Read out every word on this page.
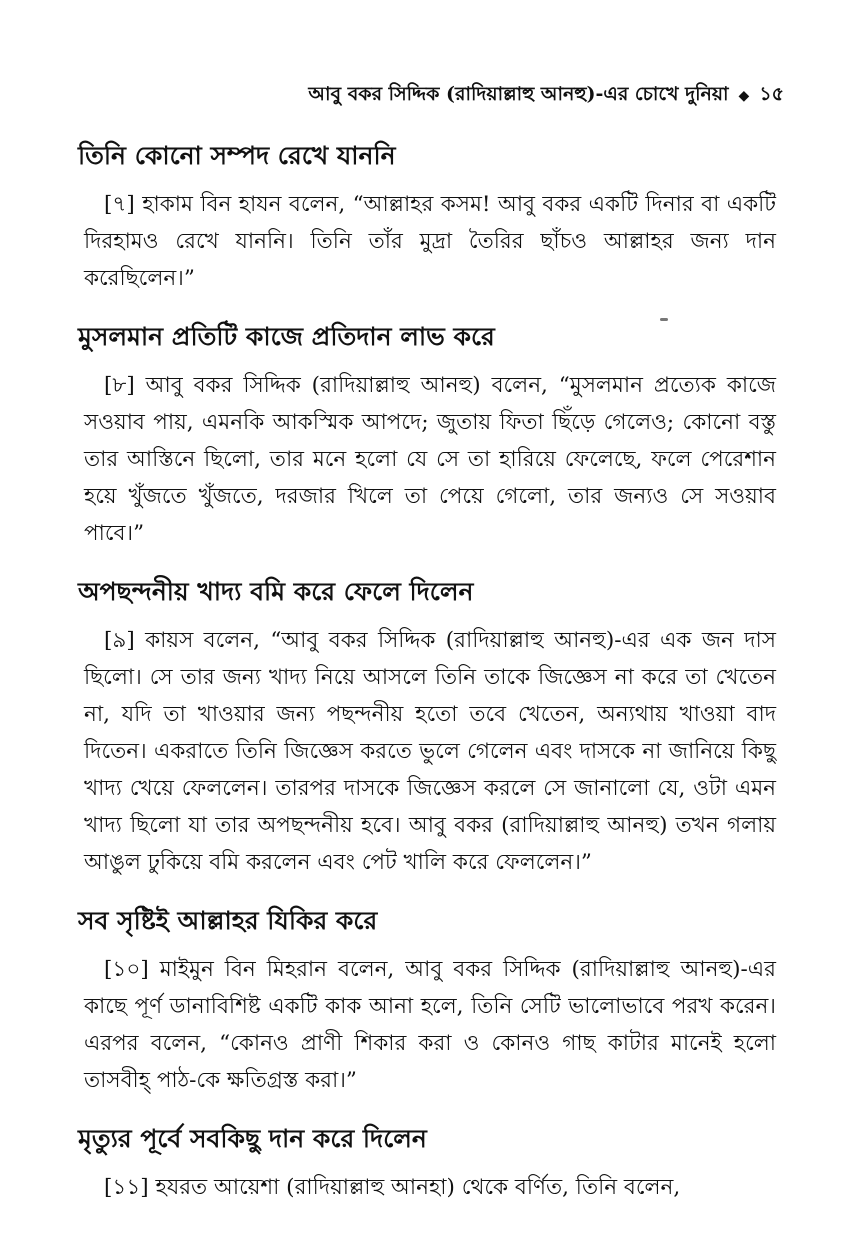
আবু বকর সিদ্দিক (রাদিয়াল্লাহু আনহু)-এর চোখে দুনিয়া ◆ ১৫
তিনি কোনো সম্পদ রেখে যাননি

[৭] হাকাম বিন হাযন বলেন, “আল্লাহর কসম! আবু বকর একটি দিনার বা একটি দিরহামও রেখে যাননি। তিনি তাঁর মুদ্রা তৈরির ছাঁচও আল্লাহর জন্য দান করেছিলেন।”

মুসলমান প্রতিটি কাজে প্রতিদান লাভ করে

[৮] আবু বকর সিদ্দিক (রাদিয়াল্লাহু আনহু) বলেন, “মুসলমান প্রত্যেক কাজে সওয়াব পায়, এমনকি আকস্মিক আপদে; জুতায় ফিতা ছিঁড়ে গেলেও; কোনো বস্তু তার আস্তিনে ছিলো, তার মনে হলো যে সে তা হারিয়ে ফেলেছে, ফলে পেরেশান হয়ে খুঁজতে খুঁজতে, দরজার খিলে তা পেয়ে গেলো, তার জন্যও সে সওয়াব পাবে।”

অপছন্দনীয় খাদ্য বমি করে ফেলে দিলেন

[৯] কায়স বলেন, “আবু বকর সিদ্দিক (রাদিয়াল্লাহু আনহু)-এর এক জন দাস ছিলো। সে তার জন্য খাদ্য নিয়ে আসলে তিনি তাকে জিজ্ঞেস না করে তা খেতেন না, যদি তা খাওয়ার জন্য পছন্দনীয় হতো তবে খেতেন, অন্যথায় খাওয়া বাদ দিতেন। একরাতে তিনি জিজ্ঞেস করতে ভুলে গেলেন এবং দাসকে না জানিয়ে কিছু খাদ্য খেয়ে ফেললেন। তারপর দাসকে জিজ্ঞেস করলে সে জানালো যে, ওটা এমন খাদ্য ছিলো যা তার অপছন্দনীয় হবে। আবু বকর (রাদিয়াল্লাহু আনহু) তখন গলায় আঙুল ঢুকিয়ে বমি করলেন এবং পেট খালি করে ফেললেন।”

সব সৃষ্টিই আল্লাহর যিকির করে

[১০] মাইমুন বিন মিহরান বলেন, আবু বকর সিদ্দিক (রাদিয়াল্লাহু আনহু)-এর কাছে পূর্ণ ডানাবিশিষ্ট একটি কাক আনা হলে, তিনি সেটি ভালোভাবে পরখ করেন। এরপর বলেন, “কোনও প্রাণী শিকার করা ও কোনও গাছ কাটার মানেই হলো তাসবীহ্ পাঠ-কে ক্ষতিগ্রস্ত করা।”

মৃত্যুর পূর্বে সবকিছু দান করে দিলেন

[১১] হযরত আয়েশা (রাদিয়াল্লাহু আনহা) থেকে বর্ণিত, তিনি বলেন,
